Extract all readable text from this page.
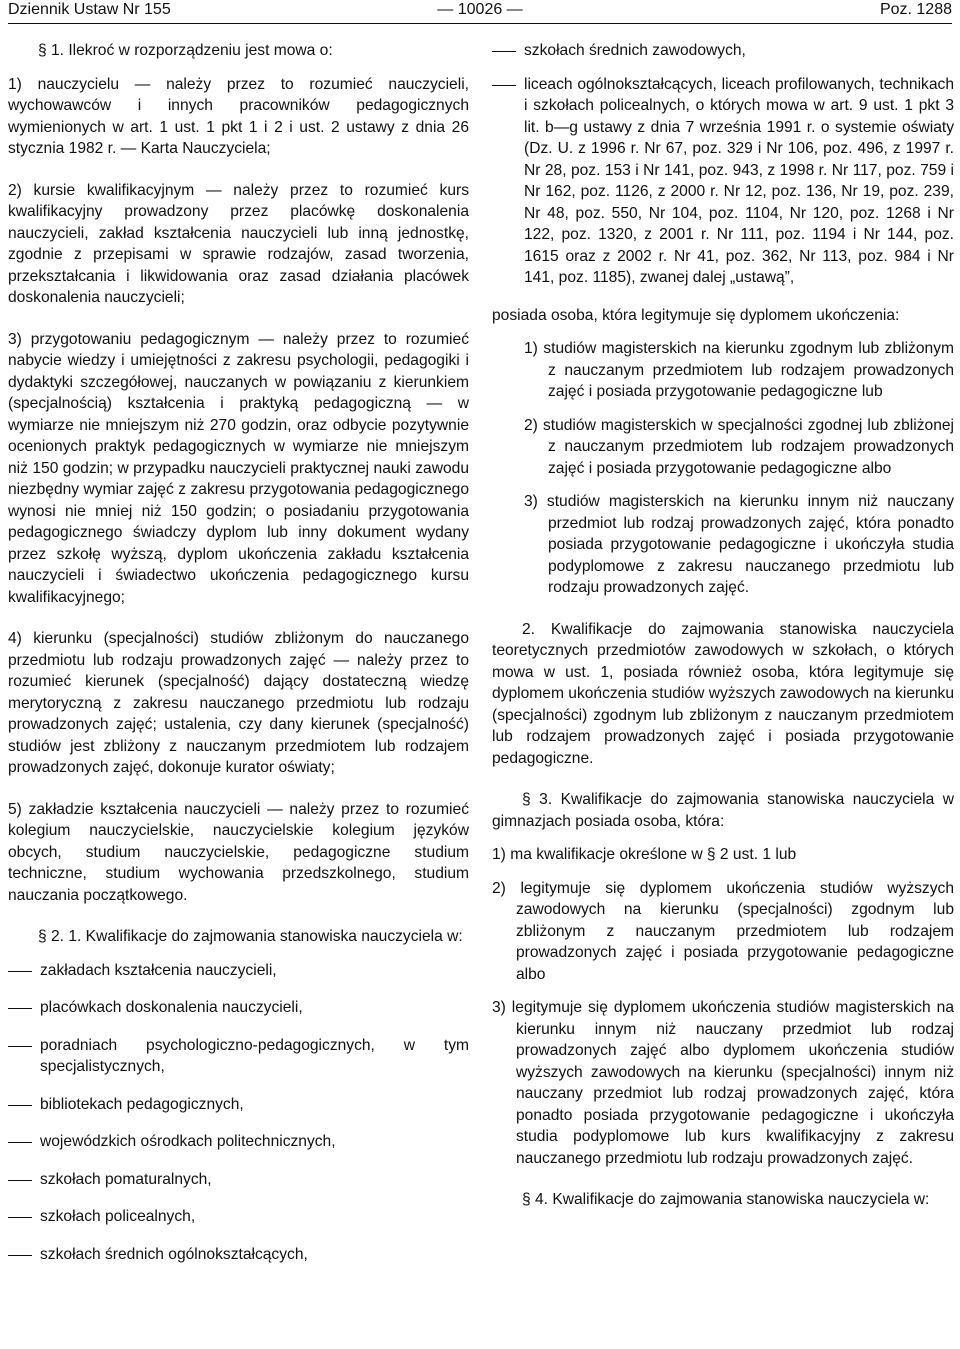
Dziennik Ustaw Nr 155	— 10026 —	Poz. 1288

§ 1. Ilekroć w rozporządzeniu jest mowa o:

1) nauczycielu — należy przez to rozumieć nauczycieli, wychowawców i innych pracowników pedagogicznych wymienionych w art. 1 ust. 1 pkt 1 i 2 i ust. 2 ustawy z dnia 26 stycznia 1982 r. — Karta Nauczyciela;

2) kursie kwalifikacyjnym — należy przez to rozumieć kurs kwalifikacyjny prowadzony przez placówkę doskonalenia nauczycieli, zakład kształcenia nauczycieli lub inną jednostkę, zgodnie z przepisami w sprawie rodzajów, zasad tworzenia, przekształcania i likwidowania oraz zasad działania placówek doskonalenia nauczycieli;

3) przygotowaniu pedagogicznym — należy przez to rozumieć nabycie wiedzy i umiejętności z zakresu psychologii, pedagogiki i dydaktyki szczegółowej, nauczanych w powiązaniu z kierunkiem (specjalnością) kształcenia i praktyką pedagogiczną — w wymiarze nie mniejszym niż 270 godzin, oraz odbycie pozytywnie ocenionych praktyk pedagogicznych w wymiarze nie mniejszym niż 150 godzin; w przypadku nauczycieli praktycznej nauki zawodu niezbędny wymiar zajęć z zakresu przygotowania pedagogicznego wynosi nie mniej niż 150 godzin; o posiadaniu przygotowania pedagogicznego świadczy dyplom lub inny dokument wydany przez szkołę wyższą, dyplom ukończenia zakładu kształcenia nauczycieli i świadectwo ukończenia pedagogicznego kursu kwalifikacyjnego;

4) kierunku (specjalności) studiów zbliżonym do nauczanego przedmiotu lub rodzaju prowadzonych zajęć — należy przez to rozumieć kierunek (specjalność) dający dostateczną wiedzę merytoryczną z zakresu nauczanego przedmiotu lub rodzaju prowadzonych zajęć; ustalenia, czy dany kierunek (specjalność) studiów jest zbliżony z nauczanym przedmiotem lub rodzajem prowadzonych zajęć, dokonuje kurator oświaty;

5) zakładzie kształcenia nauczycieli — należy przez to rozumieć kolegium nauczycielskie, nauczycielskie kolegium języków obcych, studium nauczycielskie, pedagogiczne studium techniczne, studium wychowania przedszkolnego, studium nauczania początkowego.

§ 2. 1. Kwalifikacje do zajmowania stanowiska nauczyciela w:

zakładach kształcenia nauczycieli,

placówkach doskonalenia nauczycieli,

poradniach psychologiczno-pedagogicznych, w tym specjalistycznych,

bibliotekach pedagogicznych,

wojewódzkich ośrodkach politechnicznych,

szkołach pomaturalnych,

szkołach policealnych,

szkołach średnich ogólnokształcących,

szkołach średnich zawodowych,

liceach ogólnokształcących, liceach profilowanych, technikach i szkołach policealnych, o których mowa w art. 9 ust. 1 pkt 3 lit. b—g ustawy z dnia 7 września 1991 r. o systemie oświaty (Dz. U. z 1996 r. Nr 67, poz. 329 i Nr 106, poz. 496, z 1997 r. Nr 28, poz. 153 i Nr 141, poz. 943, z 1998 r. Nr 117, poz. 759 i Nr 162, poz. 1126, z 2000 r. Nr 12, poz. 136, Nr 19, poz. 239, Nr 48, poz. 550, Nr 104, poz. 1104, Nr 120, poz. 1268 i Nr 122, poz. 1320, z 2001 r. Nr 111, poz. 1194 i Nr 144, poz. 1615 oraz z 2002 r. Nr 41, poz. 362, Nr 113, poz. 984 i Nr 141, poz. 1185), zwanej dalej „ustawą”,

posiada osoba, która legitymuje się dyplomem ukończenia:

1) studiów magisterskich na kierunku zgodnym lub zbliżonym z nauczanym przedmiotem lub rodzajem prowadzonych zajęć i posiada przygotowanie pedagogiczne lub

2) studiów magisterskich w specjalności zgodnej lub zbliżonej z nauczanym przedmiotem lub rodzajem prowadzonych zajęć i posiada przygotowanie pedagogiczne albo

3) studiów magisterskich na kierunku innym niż nauczany przedmiot lub rodzaj prowadzonych zajęć, która ponadto posiada przygotowanie pedagogiczne i ukończyła studia podyplomowe z zakresu nauczanego przedmiotu lub rodzaju prowadzonych zajęć.

2. Kwalifikacje do zajmowania stanowiska nauczyciela teoretycznych przedmiotów zawodowych w szkołach, o których mowa w ust. 1, posiada również osoba, która legitymuje się dyplomem ukończenia studiów wyższych zawodowych na kierunku (specjalności) zgodnym lub zbliżonym z nauczanym przedmiotem lub rodzajem prowadzonych zajęć i posiada przygotowanie pedagogiczne.

§ 3. Kwalifikacje do zajmowania stanowiska nauczyciela w gimnazjach posiada osoba, która:

1) ma kwalifikacje określone w § 2 ust. 1 lub

2) legitymuje się dyplomem ukończenia studiów wyższych zawodowych na kierunku (specjalności) zgodnym lub zbliżonym z nauczanym przedmiotem lub rodzajem prowadzonych zajęć i posiada przygotowanie pedagogiczne albo

3) legitymuje się dyplomem ukończenia studiów magisterskich na kierunku innym niż nauczany przedmiot lub rodzaj prowadzonych zajęć albo dyplomem ukończenia studiów wyższych zawodowych na kierunku (specjalności) innym niż nauczany przedmiot lub rodzaj prowadzonych zajęć, która ponadto posiada przygotowanie pedagogiczne i ukończyła studia podyplomowe lub kurs kwalifikacyjny z zakresu nauczanego przedmiotu lub rodzaju prowadzonych zajęć.

§ 4. Kwalifikacje do zajmowania stanowiska nauczyciela w:
